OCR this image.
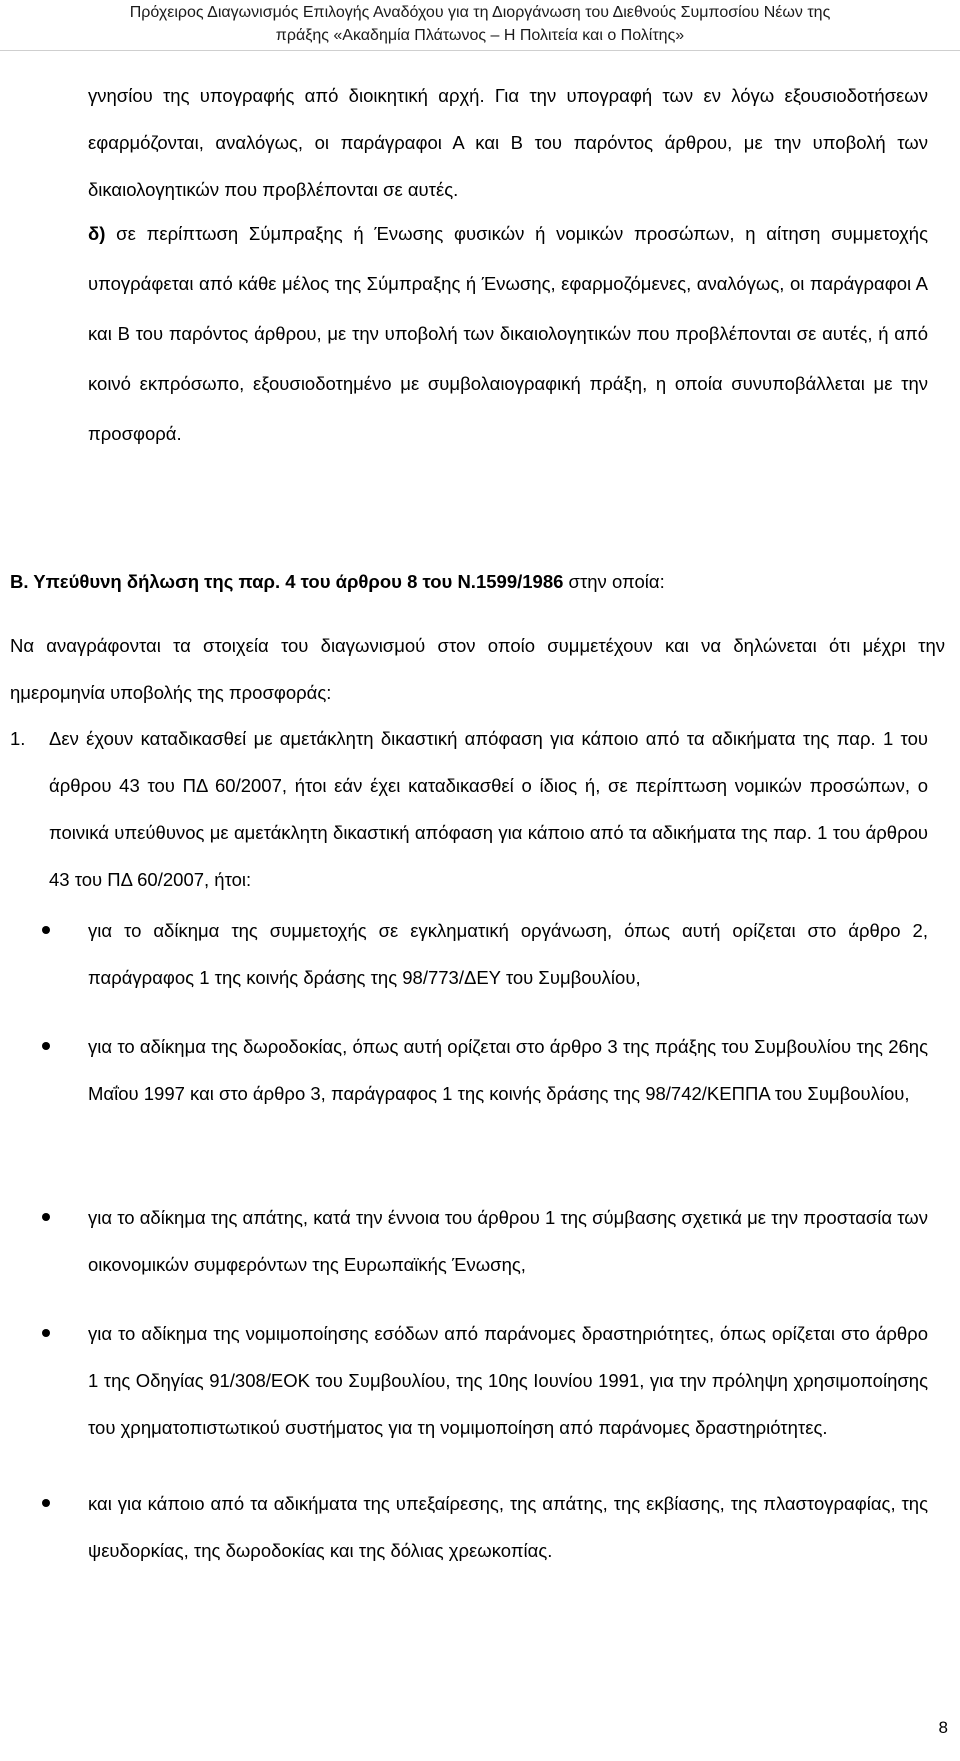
Πρόχειρος Διαγωνισμός Επιλογής Αναδόχου για τη Διοργάνωση του Διεθνούς Συμποσίου Νέων της
πράξης «Ακαδημία Πλάτωνος – Η Πολιτεία και ο Πολίτης»

γνησίου της υπογραφής από διοικητική αρχή. Για την υπογραφή των εν λόγω εξουσιοδοτήσεων εφαρμόζονται, αναλόγως, οι παράγραφοι Α και Β του παρόντος άρθρου, με την υποβολή των δικαιολογητικών που προβλέπονται σε αυτές.

δ) σε περίπτωση Σύμπραξης ή Ένωσης φυσικών ή νομικών προσώπων, η αίτηση συμμετοχής υπογράφεται από κάθε μέλος της Σύμπραξης ή Ένωσης, εφαρμοζόμενες, αναλόγως, οι παράγραφοι Α και Β του παρόντος άρθρου, με την υποβολή των δικαιολογητικών που προβλέπονται σε αυτές, ή από κοινό εκπρόσωπο, εξουσιοδοτημένο με συμβολαιογραφική πράξη, η οποία συνυποβάλλεται με την προσφορά.

Β. Υπεύθυνη δήλωση της παρ. 4 του άρθρου 8 του Ν.1599/1986 στην οποία:

Να αναγράφονται τα στοιχεία του διαγωνισμού στον οποίο συμμετέχουν και να δηλώνεται ότι μέχρι την ημερομηνία υποβολής της προσφοράς:

1. Δεν έχουν καταδικασθεί με αμετάκλητη δικαστική απόφαση για κάποιο από τα αδικήματα της παρ. 1 του άρθρου 43 του ΠΔ 60/2007, ήτοι εάν έχει καταδικασθεί ο ίδιος ή, σε περίπτωση νομικών προσώπων, ο ποινικά υπεύθυνος με αμετάκλητη δικαστική απόφαση για κάποιο από τα αδικήματα της παρ. 1 του άρθρου 43 του ΠΔ 60/2007, ήτοι:
για το αδίκημα της συμμετοχής σε εγκληματική οργάνωση, όπως αυτή ορίζεται στο άρθρο 2, παράγραφος 1 της κοινής δράσης της 98/773/ΔΕΥ του Συμβουλίου,
για το αδίκημα της δωροδοκίας, όπως αυτή ορίζεται στο άρθρο 3 της πράξης του Συμβουλίου της 26ης Μαΐου 1997 και στο άρθρο 3, παράγραφος 1 της κοινής δράσης της 98/742/ΚΕΠΠΑ του Συμβουλίου,
για το αδίκημα της απάτης, κατά την έννοια του άρθρου 1 της σύμβασης σχετικά με την προστασία των οικονομικών συμφερόντων της Ευρωπαϊκής Ένωσης,
για το αδίκημα της νομιμοποίησης εσόδων από παράνομες δραστηριότητες, όπως ορίζεται στο άρθρο 1 της Οδηγίας 91/308/ΕΟΚ του Συμβουλίου, της 10ης Ιουνίου 1991, για την πρόληψη χρησιμοποίησης του χρηματοπιστωτικού συστήματος για τη νομιμοποίηση από παράνομες δραστηριότητες.
και για κάποιο από τα αδικήματα της υπεξαίρεσης, της απάτης, της εκβίασης, της πλαστογραφίας, της ψευδορκίας, της δωροδοκίας και της δόλιας χρεωκοπίας.
8
